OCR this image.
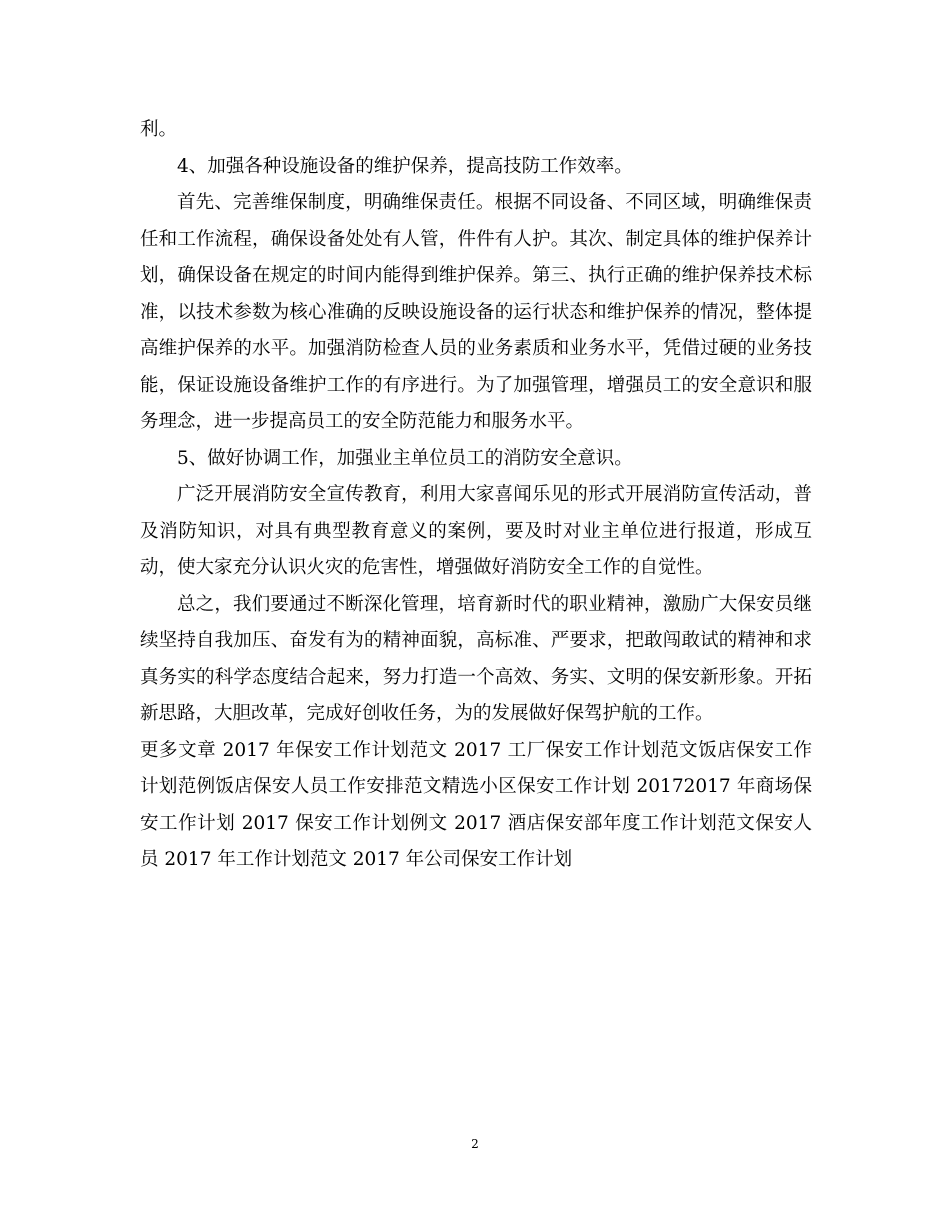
利。

4、加强各种设施设备的维护保养，提高技防工作效率。

首先、完善维保制度，明确维保责任。根据不同设备、不同区域，明确维保责任和工作流程，确保设备处处有人管，件件有人护。其次、制定具体的维护保养计划，确保设备在规定的时间内能得到维护保养。第三、执行正确的维护保养技术标准，以技术参数为核心准确的反映设施设备的运行状态和维护保养的情况，整体提高维护保养的水平。加强消防检查人员的业务素质和业务水平，凭借过硬的业务技能，保证设施设备维护工作的有序进行。为了加强管理，增强员工的安全意识和服务理念，进一步提高员工的安全防范能力和服务水平。

5、做好协调工作，加强业主单位员工的消防安全意识。

广泛开展消防安全宣传教育，利用大家喜闻乐见的形式开展消防宣传活动，普及消防知识，对具有典型教育意义的案例，要及时对业主单位进行报道，形成互动，使大家充分认识火灾的危害性，增强做好消防安全工作的自觉性。

总之，我们要通过不断深化管理，培育新时代的职业精神，激励广大保安员继续坚持自我加压、奋发有为的精神面貌，高标准、严要求，把敢闯敢试的精神和求真务实的科学态度结合起来，努力打造一个高效、务实、文明的保安新形象。开拓新思路，大胆改革，完成好创收任务，为的发展做好保驾护航的工作。

更多文章 2017 年保安工作计划范文 2017 工厂保安工作计划范文饭店保安工作计划范例饭店保安人员工作安排范文精选小区保安工作计划 20172017 年商场保安工作计划 2017 保安工作计划例文 2017 酒店保安部年度工作计划范文保安人员 2017 年工作计划范文 2017 年公司保安工作计划

2
